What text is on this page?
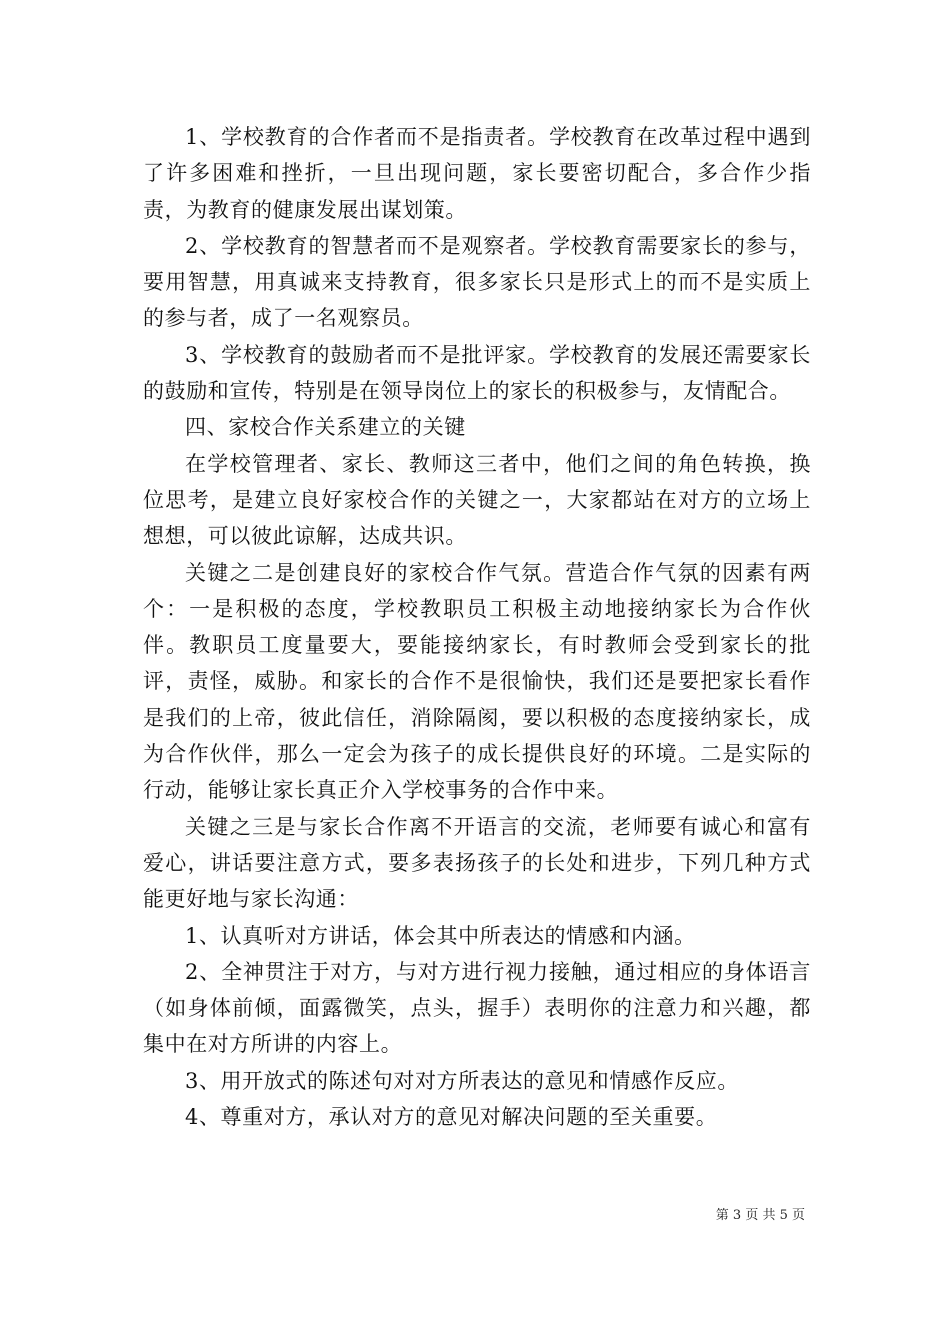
1、学校教育的合作者而不是指责者。学校教育在改革过程中遇到了许多困难和挫折，一旦出现问题，家长要密切配合，多合作少指责，为教育的健康发展出谋划策。

2、学校教育的智慧者而不是观察者。学校教育需要家长的参与，要用智慧，用真诚来支持教育，很多家长只是形式上的而不是实质上的参与者，成了一名观察员。

3、学校教育的鼓励者而不是批评家。学校教育的发展还需要家长的鼓励和宣传，特别是在领导岗位上的家长的积极参与，友情配合。

四、家校合作关系建立的关键

在学校管理者、家长、教师这三者中，他们之间的角色转换，换位思考，是建立良好家校合作的关键之一，大家都站在对方的立场上想想，可以彼此谅解，达成共识。

关键之二是创建良好的家校合作气氛。营造合作气氛的因素有两个：一是积极的态度，学校教职员工积极主动地接纳家长为合作伙伴。教职员工度量要大，要能接纳家长，有时教师会受到家长的批评，责怪，威胁。和家长的合作不是很愉快，我们还是要把家长看作是我们的上帝，彼此信任，消除隔阂，要以积极的态度接纳家长，成为合作伙伴，那么一定会为孩子的成长提供良好的环境。二是实际的行动，能够让家长真正介入学校事务的合作中来。

关键之三是与家长合作离不开语言的交流，老师要有诚心和富有爱心，讲话要注意方式，要多表扬孩子的长处和进步，下列几种方式能更好地与家长沟通：

1、认真听对方讲话，体会其中所表达的情感和内涵。

2、全神贯注于对方，与对方进行视力接触，通过相应的身体语言（如身体前倾，面露微笑，点头，握手）表明你的注意力和兴趣，都集中在对方所讲的内容上。

3、用开放式的陈述句对对方所表达的意见和情感作反应。

4、尊重对方，承认对方的意见对解决问题的至关重要。

第 3 页 共 5 页
